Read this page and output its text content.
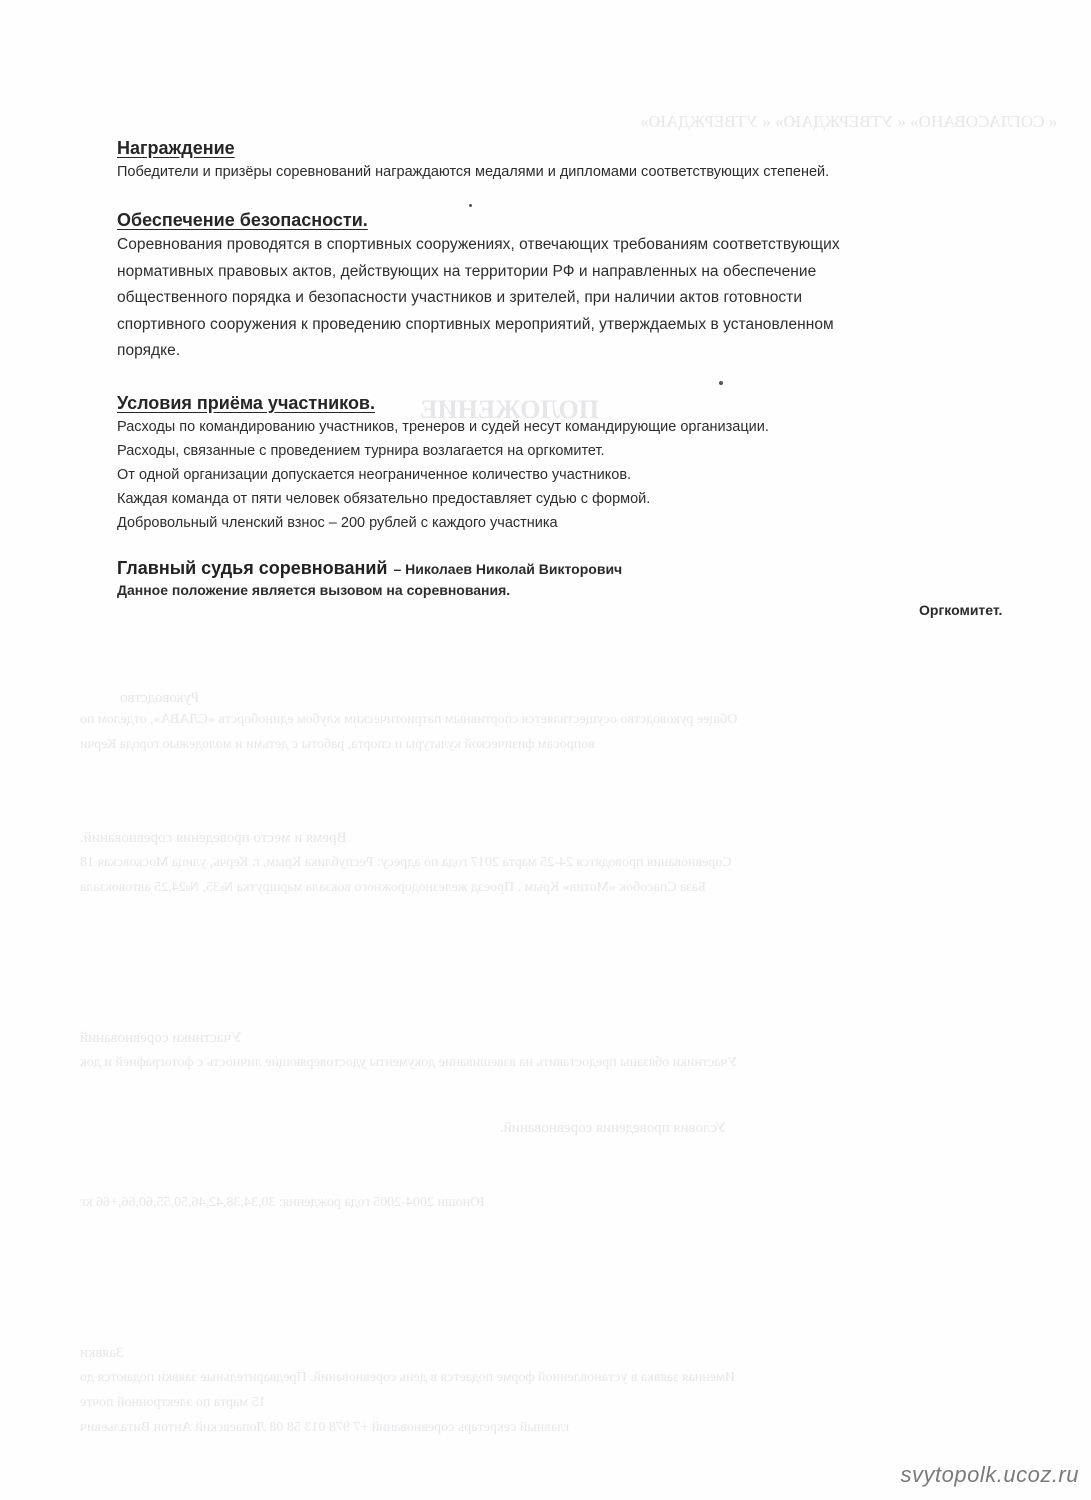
« СОГЛАСОВАНО» « УТВЕРЖДАЮ» « УТВЕРЖДАЮ»
ПОЛОЖЕНИЕ
Руководство
Общее руководство осуществляется спортивным патриотическим клубом единоборств «СЛАВА», отделом по
вопросам физической культуры и спорта, работы с детьми и молодежью города Керчи
Время и место проведения соревнований.
Соревнования проводятся 24-25 марта 2017 года по адресу: Республика Крым, г. Керчь, улица Московская 18
База Спасобок «Мотив» Крым . Проезд железнодорожного вокзала маршрутка №35, №24,25 автовокзала
Участники соревнований
Участники обязаны предоставить на взвешивание документы удостоверяющие личность с фотографией и док
Условия проведения соревнований.
Юноши 2004-2005 года рождения: 30,34,38,42,46,50,55,60,66,+66 кг
Заявки
Именная заявка в установленной форме подается в день соревнований. Предварительные заявки подаются до
15 марта по электронной почте
главный секретарь соревнований +7 978 013 58 08 Лопаевский Антон Витальевич
Награждение

Победители и призёры соревнований награждаются медалями и дипломами соответствующих степеней.

Обеспечение безопасности.

Соревнования проводятся в спортивных сооружениях, отвечающих требованиям соответствующих

нормативных правовых актов, действующих на территории РФ и направленных на обеспечение

общественного порядка и безопасности участников и зрителей, при наличии актов готовности

спортивного сооружения к проведению спортивных мероприятий, утверждаемых в установленном

порядке.

Условия приёма участников.

Расходы по командированию участников, тренеров и судей несут командирующие организации.

Расходы, связанные с проведением турнира возлагается на оргкомитет.

От одной организации допускается неограниченное количество участников.

Каждая команда от пяти человек обязательно предоставляет судью с формой.

Добровольный членский взнос – 200 рублей с каждого участника

Главный судья соревнований – Николаев Николай Викторович

Данное положение является вызовом на соревнования.

Оргкомитет.
svytopolk.ucoz.ru
